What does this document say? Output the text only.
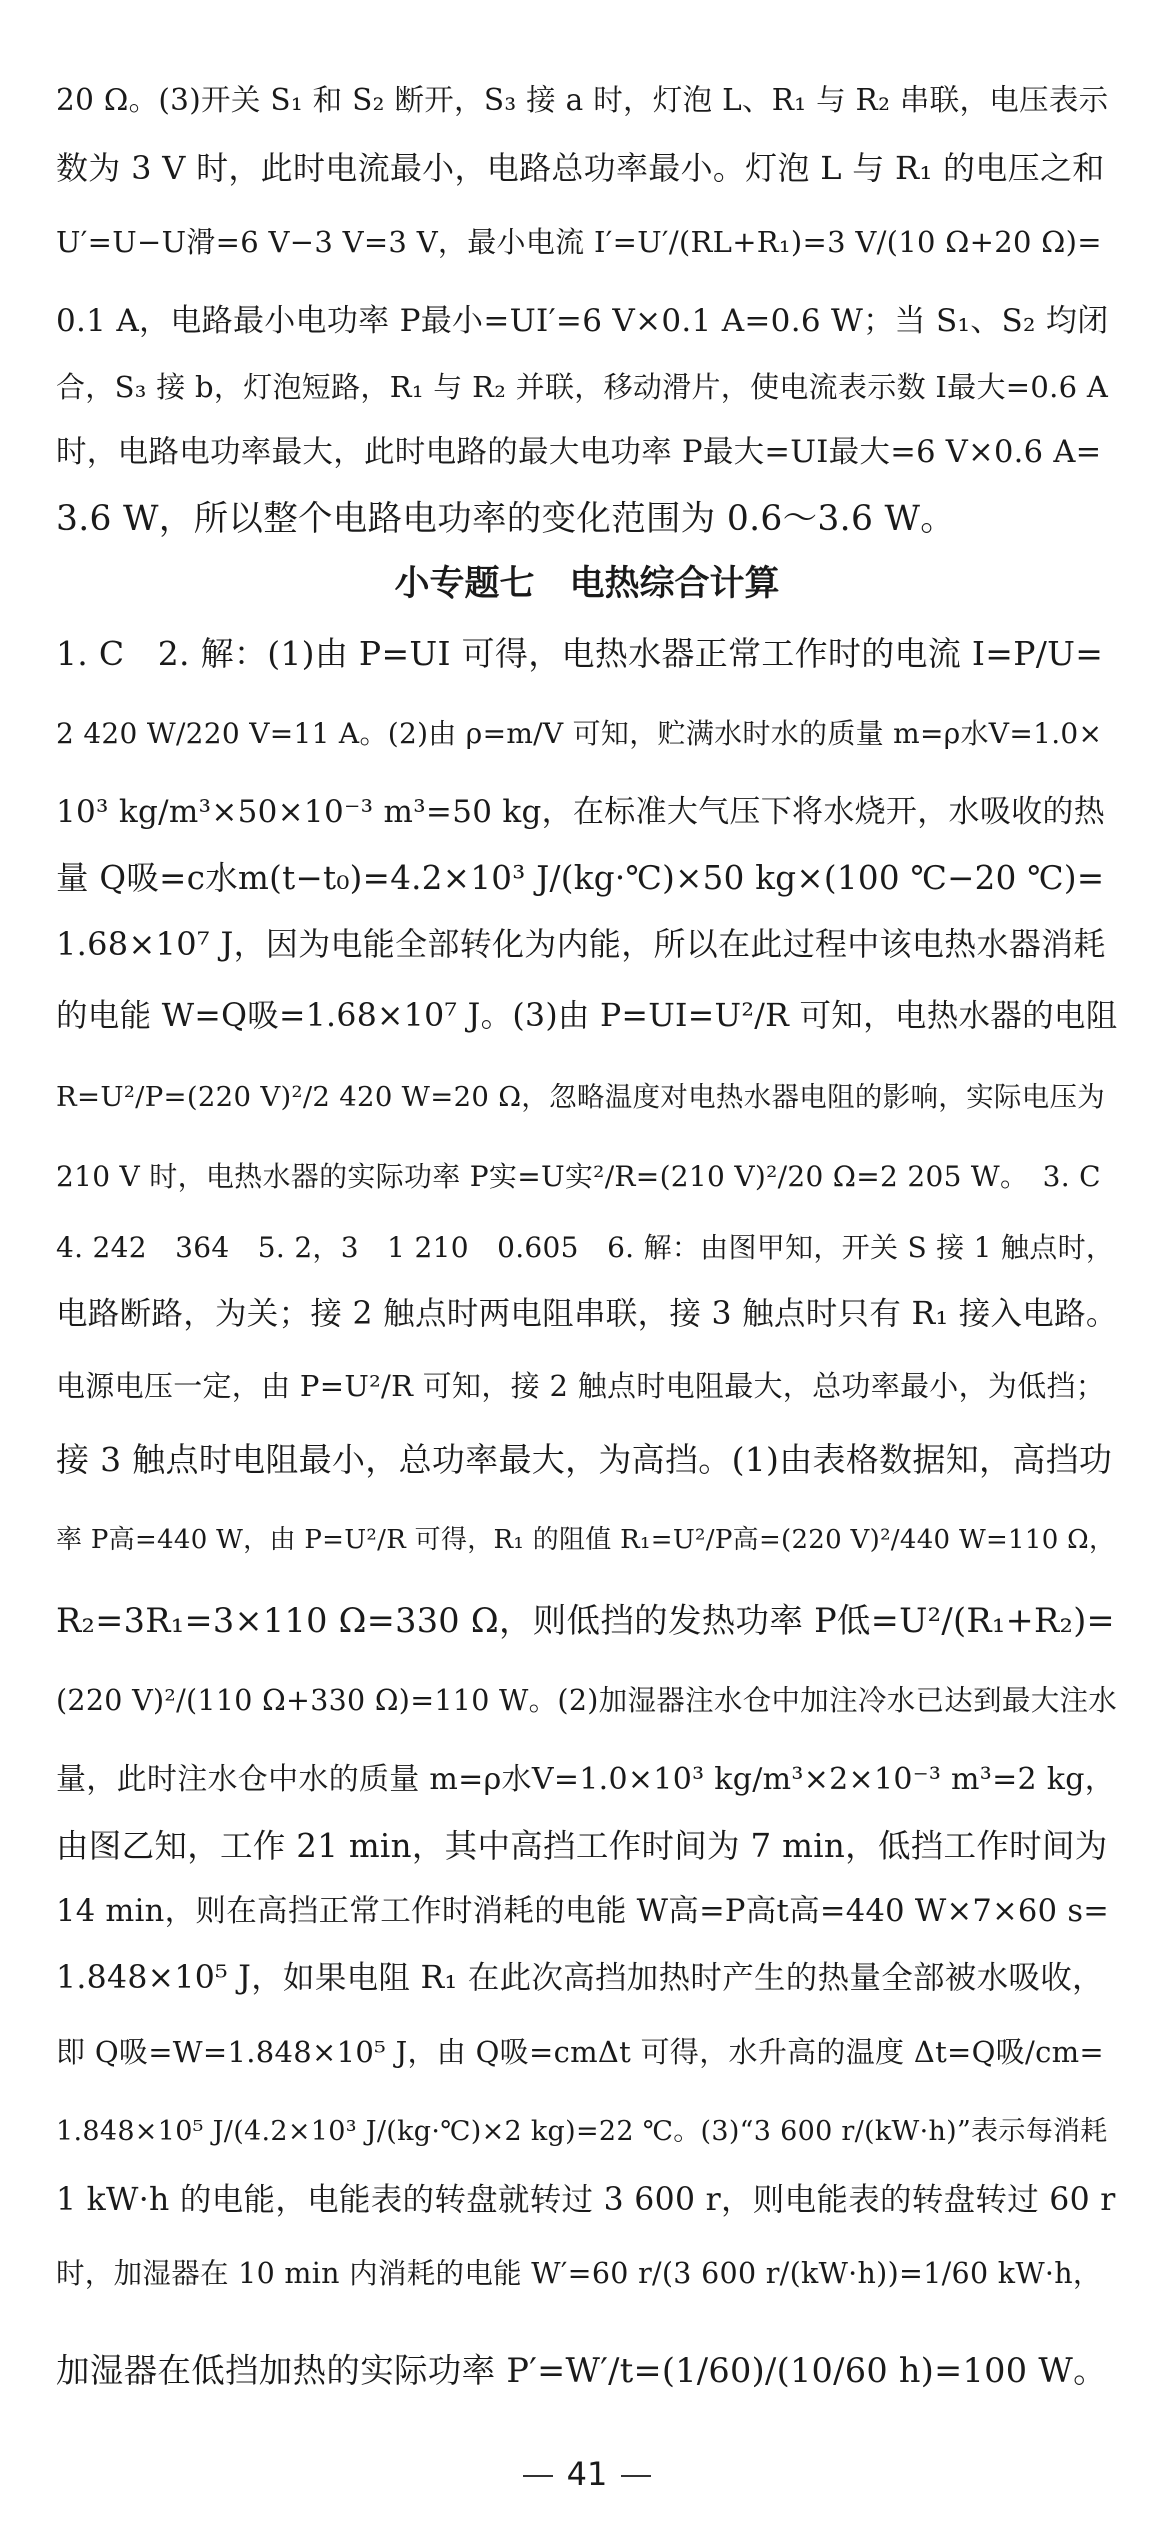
20 Ω。(3)开关 S₁ 和 S₂ 断开，S₃ 接 a 时，灯泡 L、R₁ 与 R₂ 串联，电压表示
数为 3 V 时，此时电流最小，电路总功率最小。灯泡 L 与 R₁ 的电压之和
U′=U−U滑=6 V−3 V=3 V，最小电流 I′=U′/(RL+R₁)=3 V/(10 Ω+20 Ω)=
0.1 A，电路最小电功率 P最小=UI′=6 V×0.1 A=0.6 W；当 S₁、S₂ 均闭
合，S₃ 接 b，灯泡短路，R₁ 与 R₂ 并联，移动滑片，使电流表示数 I最大=0.6 A
时，电路电功率最大，此时电路的最大电功率 P最大=UI最大=6 V×0.6 A=
3.6 W，所以整个电路电功率的变化范围为 0.6～3.6 W。
小专题七　电热综合计算
1. C　2. 解：(1)由 P=UI 可得，电热水器正常工作时的电流 I=P/U=
2 420 W/220 V=11 A。(2)由 ρ=m/V 可知，贮满水时水的质量 m=ρ水V=1.0×
10³ kg/m³×50×10⁻³ m³=50 kg，在标准大气压下将水烧开，水吸收的热
量 Q吸=c水m(t−t₀)=4.2×10³ J/(kg·℃)×50 kg×(100 ℃−20 ℃)=
1.68×10⁷ J，因为电能全部转化为内能，所以在此过程中该电热水器消耗
的电能 W=Q吸=1.68×10⁷ J。(3)由 P=UI=U²/R 可知，电热水器的电阻
R=U²/P=(220 V)²/2 420 W=20 Ω，忽略温度对电热水器电阻的影响，实际电压为
210 V 时，电热水器的实际功率 P实=U实²/R=(210 V)²/20 Ω=2 205 W。　3. C
4. 242　364　5. 2，3　1 210　0.605　6. 解：由图甲知，开关 S 接 1 触点时，
电路断路，为关；接 2 触点时两电阻串联，接 3 触点时只有 R₁ 接入电路。
电源电压一定，由 P=U²/R 可知，接 2 触点时电阻最大，总功率最小，为低挡；
接 3 触点时电阻最小，总功率最大，为高挡。(1)由表格数据知，高挡功
率 P高=440 W，由 P=U²/R 可得，R₁ 的阻值 R₁=U²/P高=(220 V)²/440 W=110 Ω，
R₂=3R₁=3×110 Ω=330 Ω，则低挡的发热功率 P低=U²/(R₁+R₂)=
(220 V)²/(110 Ω+330 Ω)=110 W。(2)加湿器注水仓中加注冷水已达到最大注水
量，此时注水仓中水的质量 m=ρ水V=1.0×10³ kg/m³×2×10⁻³ m³=2 kg，
由图乙知，工作 21 min，其中高挡工作时间为 7 min，低挡工作时间为
14 min，则在高挡正常工作时消耗的电能 W高=P高t高=440 W×7×60 s=
1.848×10⁵ J，如果电阻 R₁ 在此次高挡加热时产生的热量全部被水吸收，
即 Q吸=W=1.848×10⁵ J，由 Q吸=cmΔt 可得，水升高的温度 Δt=Q吸/cm=
1.848×10⁵ J/(4.2×10³ J/(kg·℃)×2 kg)=22 ℃。(3)“3 600 r/(kW·h)”表示每消耗
1 kW·h 的电能，电能表的转盘就转过 3 600 r，则电能表的转盘转过 60 r
时，加湿器在 10 min 内消耗的电能 W′=60 r/(3 600 r/(kW·h))=1/60 kW·h，
加湿器在低挡加热的实际功率 P′=W′/t=(1/60)/(10/60 h)=100 W。
41
